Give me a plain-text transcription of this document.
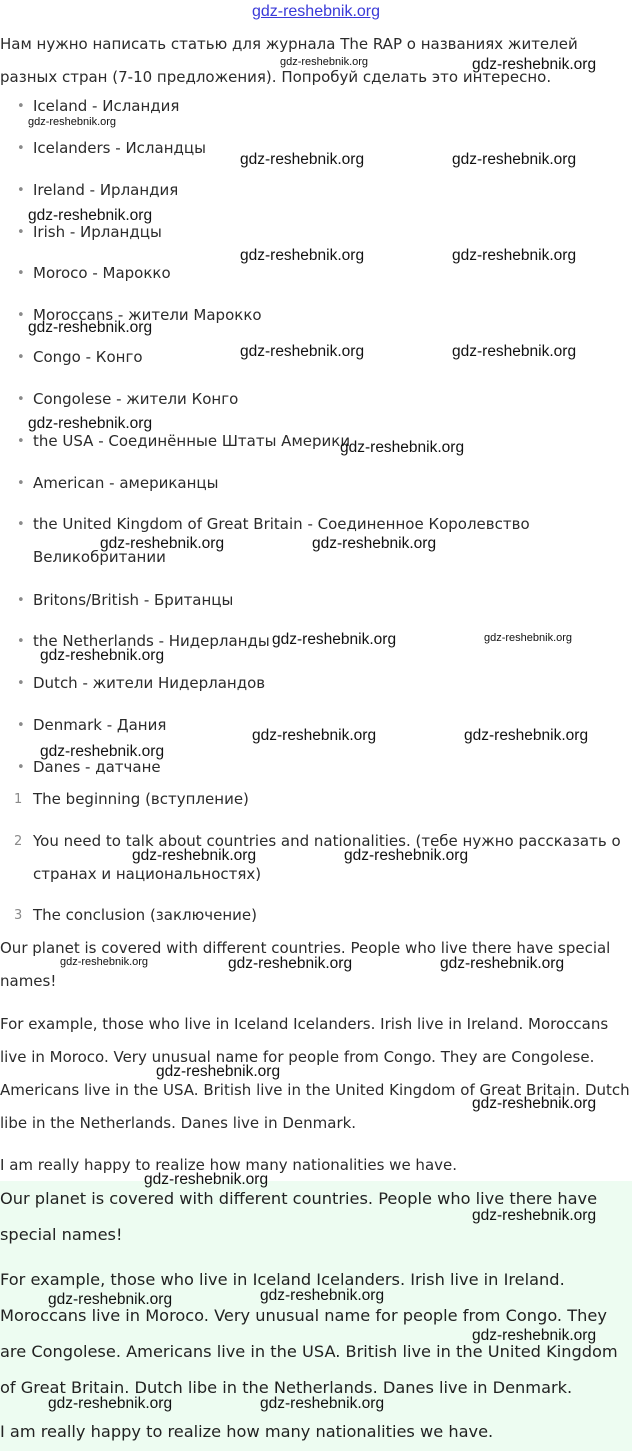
gdz-reshebnik.org

Нам нужно написать статью для журнала The RAP о названиях жителей разных стран (7-10 предложения). Попробуй сделать это интересно.

• Iceland - Исландия
• Icelanders - Исландцы
• Ireland - Ирландия
• Irish - Ирландцы
• Moroco - Марокко
• Moroccans - жители Марокко
• Congo - Конго
• Congolese - жители Конго
• the USA - Соединённые Штаты Америки
• American - американцы
• the United Kingdom of Great Britain - Соединенное Королевство Великобритании
• Britons/British - Британцы
• the Netherlands - Нидерланды
• Dutch - жители Нидерландов
• Denmark - Дания
• Danes - датчане
1 The beginning (вступление)
2 You need to talk about countries and nationalities. (тебе нужно рассказать о странах и национальностях)
3 The conclusion (заключение)

Our planet is covered with different countries. People who live there have special names!

For example, those who live in Iceland Icelanders. Irish live in Ireland. Moroccans live in Moroco. Very unusual name for people from Congo. They are Congolese. Americans live in the USA. British live in the United Kingdom of Great Britain. Dutch libe in the Netherlands. Danes live in Denmark.

I am really happy to realize how many nationalities we have.

Our planet is covered with different countries. People who live there have special names!

For example, those who live in Iceland Icelanders. Irish live in Ireland. Moroccans live in Moroco. Very unusual name for people from Congo. They are Congolese. Americans live in the USA. British live in the United Kingdom of Great Britain. Dutch libe in the Netherlands. Danes live in Denmark.

I am really happy to realize how many nationalities we have.

gdz-reshebnik.org	gdz-reshebnik.org
gdz-reshebnik.org
gdz-reshebnik.org	gdz-reshebnik.org
gdz-reshebnik.org
gdz-reshebnik.org	gdz-reshebnik.org
gdz-reshebnik.org
gdz-reshebnik.org	gdz-reshebnik.org
gdz-reshebnik.org
gdz-reshebnik.org
gdz-reshebnik.org	gdz-reshebnik.org
gdz-reshebnik.org	gdz-reshebnik.org
gdz-reshebnik.org
gdz-reshebnik.org	gdz-reshebnik.org
gdz-reshebnik.org
gdz-reshebnik.org	gdz-reshebnik.org
gdz-reshebnik.org	gdz-reshebnik.org	gdz-reshebnik.org
gdz-reshebnik.org
gdz-reshebnik.org
gdz-reshebnik.org
gdz-reshebnik.org
gdz-reshebnik.org	gdz-reshebnik.org
gdz-reshebnik.org
gdz-reshebnik.org	gdz-reshebnik.org
